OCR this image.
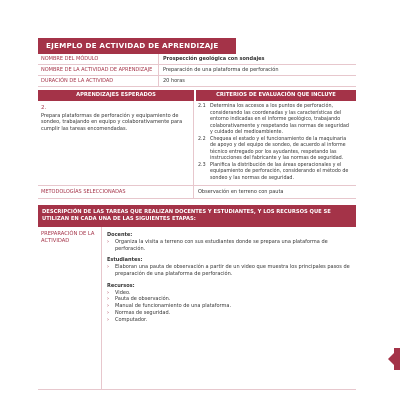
EJEMPLO DE ACTIVIDAD DE APRENDIZAJE
NOMBRE DEL MÓDULO	Prospección geológica con sondajes
NOMBRE DE LA ACTIVIDAD DE APRENDIZAJE	Preparación de una plataforma de perforación
DURACIÓN DE LA ACTIVIDAD	20 horas
APRENDIZAJES ESPERADOS	CRITERIOS DE EVALUACIÓN QUE INCLUYE
2.
Prepara plataformas de perforación y equipamiento de sondeo, trabajando en equipo y colaborativamente para cumplir las tareas encomendadas.
2.1 Determina los accesos a los puntos de perforación, considerando las coordenadas y las características del entorno indicadas en el informe geológico, trabajando colaborativamente y respetando las normas de seguridad y cuidado del medioambiente.
2.2 Chequea el estado y el funcionamiento de la maquinaria de apoyo y del equipo de sondeo, de acuerdo al informe técnico entregado por los ayudantes, respetando las instrucciones del fabricante y las normas de seguridad.
2.3 Planifica la distribución de las áreas operacionales y el equipamiento de perforación, considerando el método de sondeo y las normas de seguridad.
METODOLOGÍAS SELECCIONADAS	Observación en terreno con pauta
DESCRIPCIÓN DE LAS TAREAS QUE REALIZAN DOCENTES Y ESTUDIANTES, Y LOS RECURSOS QUE SE UTILIZAN EN CADA UNA DE LAS SIGUIENTES ETAPAS:
PREPARACIÓN DE LA ACTIVIDAD
Docente:
›	Organiza la visita a terreno con sus estudiantes donde se prepara una plataforma de perforación.
Estudiantes:
›	Elaboran una pauta de observación a partir de un video que muestra los principales pasos de preparación de una plataforma de perforación.
Recursos:
›	Video.
›	Pauta de observación.
›	Manual de funcionamiento de una plataforma.
›	Normas de seguridad.
›	Computador.
